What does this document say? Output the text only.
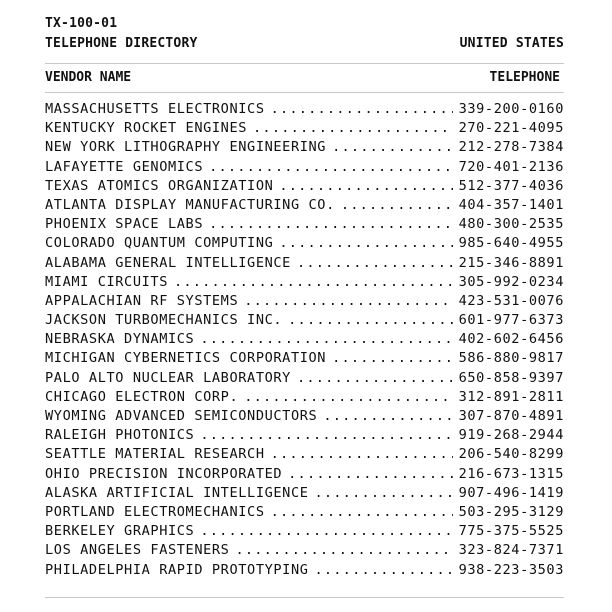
TX-100-01
TELEPHONE DIRECTORY	UNITED STATES
VENDOR NAME	TELEPHONE
MASSACHUSETTS ELECTRONICS .....	339-200-0160
KENTUCKY ROCKET ENGINES .....	270-221-4095
NEW YORK LITHOGRAPHY ENGINEERING .....	212-278-7384
LAFAYETTE GENOMICS .....	720-401-2136
TEXAS ATOMICS ORGANIZATION .....	512-377-4036
ATLANTA DISPLAY MANUFACTURING CO. .....	404-357-1401
PHOENIX SPACE LABS .....	480-300-2535
COLORADO QUANTUM COMPUTING .....	985-640-4955
ALABAMA GENERAL INTELLIGENCE .....	215-346-8891
MIAMI CIRCUITS .....	305-992-0234
APPALACHIAN RF SYSTEMS .....	423-531-0076
JACKSON TURBOMECHANICS INC. .....	601-977-6373
NEBRASKA DYNAMICS .....	402-602-6456
MICHIGAN CYBERNETICS CORPORATION .....	586-880-9817
PALO ALTO NUCLEAR LABORATORY .....	650-858-9397
CHICAGO ELECTRON CORP. .....	312-891-2811
WYOMING ADVANCED SEMICONDUCTORS .....	307-870-4891
RALEIGH PHOTONICS .....	919-268-2944
SEATTLE MATERIAL RESEARCH .....	206-540-8299
OHIO PRECISION INCORPORATED .....	216-673-1315
ALASKA ARTIFICIAL INTELLIGENCE .....	907-496-1419
PORTLAND ELECTROMECHANICS .....	503-295-3129
BERKELEY GRAPHICS .....	775-375-5525
LOS ANGELES FASTENERS .....	323-824-7371
PHILADELPHIA RAPID PROTOTYPING .....	938-223-3503
